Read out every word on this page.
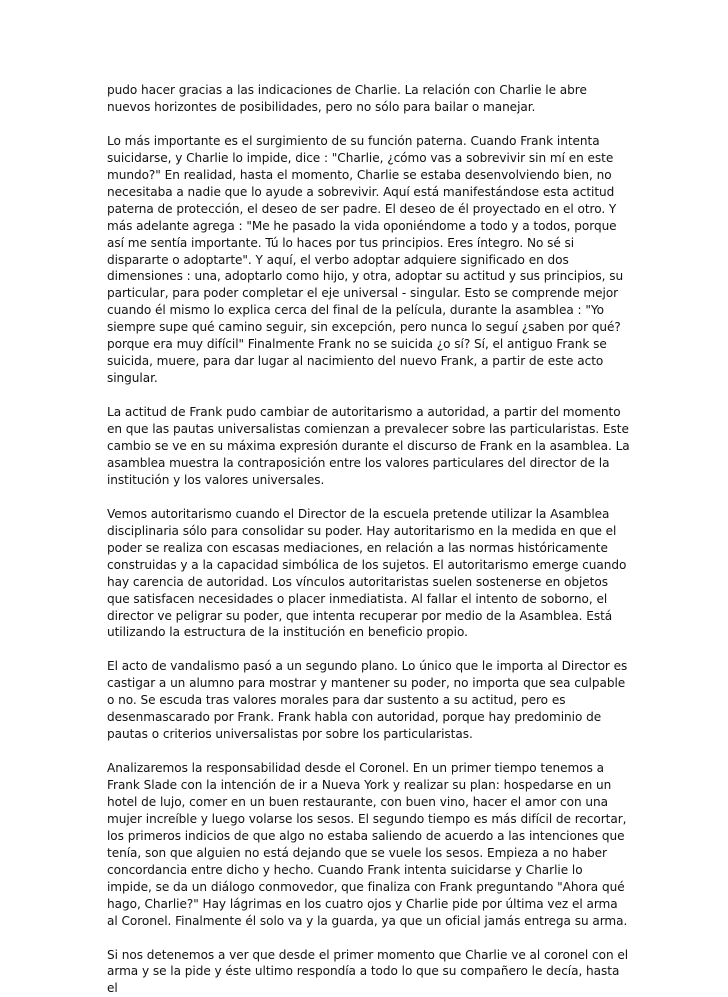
pudo hacer gracias a las indicaciones de Charlie. La relación con Charlie le abre nuevos horizontes de posibilidades, pero no sólo para bailar o manejar.

Lo más importante es el surgimiento de su función paterna. Cuando Frank intenta suicidarse, y Charlie lo impide, dice : "Charlie, ¿cómo vas a sobrevivir sin mí en este mundo?" En realidad, hasta el momento, Charlie se estaba desenvolviendo bien, no necesitaba a nadie que lo ayude a sobrevivir. Aquí está manifestándose esta actitud paterna de protección, el deseo de ser padre. El deseo de él proyectado en el otro. Y más adelante agrega : "Me he pasado la vida oponiéndome a todo y a todos, porque así me sentía importante. Tú lo haces por tus principios. Eres íntegro. No sé si dispararte o adoptarte". Y aquí, el verbo adoptar adquiere significado en dos dimensiones : una, adoptarlo como hijo, y otra, adoptar su actitud y sus principios, su particular, para poder completar el eje universal - singular. Esto se comprende mejor cuando él mismo lo explica cerca del final de la película, durante la asamblea : "Yo siempre supe qué camino seguir, sin excepción, pero nunca lo seguí ¿saben por qué? porque era muy difícil" Finalmente Frank no se suicida ¿o sí? Sí, el antiguo Frank se suicida, muere, para dar lugar al nacimiento del nuevo Frank, a partir de este acto singular.

La actitud de Frank pudo cambiar de autoritarismo a autoridad, a partir del momento en que las pautas universalistas comienzan a prevalecer sobre las particularistas. Este cambio se ve en su máxima expresión durante el discurso de Frank en la asamblea. La asamblea muestra la contraposición entre los valores particulares del director de la institución y los valores universales.

Vemos autoritarismo cuando el Director de la escuela pretende utilizar la Asamblea disciplinaria sólo para consolidar su poder. Hay autoritarismo en la medida en que el poder se realiza con escasas mediaciones, en relación a las normas históricamente construidas y a la capacidad simbólica de los sujetos. El autoritarismo emerge cuando hay carencia de autoridad. Los vínculos autoritaristas suelen sostenerse en objetos que satisfacen necesidades o placer inmediatista. Al fallar el intento de soborno, el director ve peligrar su poder, que intenta recuperar por medio de la Asamblea. Está utilizando la estructura de la institución en beneficio propio.

El acto de vandalismo pasó a un segundo plano. Lo único que le importa al Director es castigar a un alumno para mostrar y mantener su poder, no importa que sea culpable o no. Se escuda tras valores morales para dar sustento a su actitud, pero es desenmascarado por Frank. Frank habla con autoridad, porque hay predominio de pautas o criterios universalistas por sobre los particularistas.

Analizaremos la responsabilidad desde el Coronel. En un primer tiempo tenemos a Frank Slade con la intención de ir a Nueva York y realizar su plan: hospedarse en un hotel de lujo, comer en un buen restaurante, con buen vino, hacer el amor con una mujer increíble y luego volarse los sesos. El segundo tiempo es más difícil de recortar, los primeros indicios de que algo no estaba saliendo de acuerdo a las intenciones que tenía, son que alguien no está dejando que se vuele los sesos. Empieza a no haber concordancia entre dicho y hecho. Cuando Frank intenta suicidarse y Charlie lo impide, se da un diálogo conmovedor, que finaliza con Frank preguntando "Ahora qué hago, Charlie?" Hay lágrimas en los cuatro ojos y Charlie pide por última vez el arma al Coronel. Finalmente él solo va y la guarda, ya que un oficial jamás entrega su arma.

Si nos detenemos a ver que desde el primer momento que Charlie ve al coronel con el arma y se la pide y éste ultimo respondía a todo lo que su compañero le decía, hasta el
